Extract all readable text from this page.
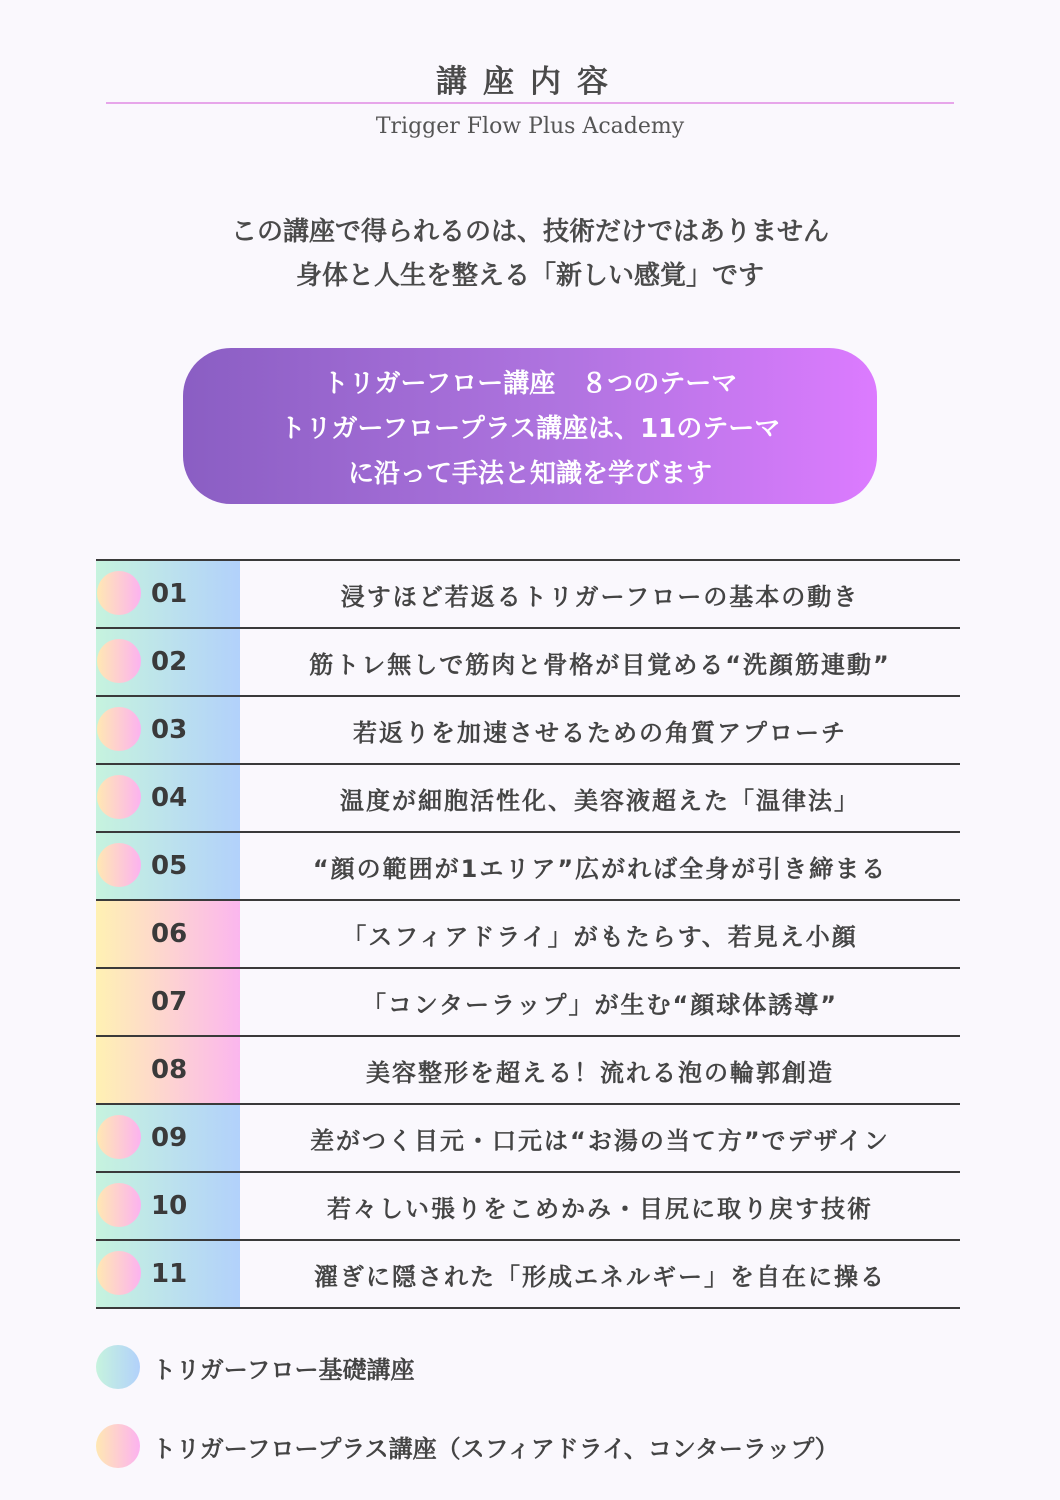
講座内容
Trigger Flow Plus Academy
この講座で得られるのは、技術だけではありません
身体と人生を整える「新しい感覚」です
トリガーフロー講座　８つのテーマ
トリガーフロープラス講座は、11のテーマ
に沿って手法と知識を学びます
01	浸すほど若返るトリガーフローの基本の動き
02	筋トレ無しで筋肉と骨格が目覚める“洗顔筋連動”
03	若返りを加速させるための角質アプローチ
04	温度が細胞活性化、美容液超えた「温律法」
05	“顔の範囲が1エリア”広がれば全身が引き締まる
06	「スフィアドライ」がもたらす、若見え小顔
07	「コンターラップ」が生む“顔球体誘導”
08	美容整形を超える！流れる泡の輪郭創造
09	差がつく目元・口元は“お湯の当て方”でデザイン
10	若々しい張りをこめかみ・目尻に取り戻す技術
11	濯ぎに隠された「形成エネルギー」を自在に操る
トリガーフロー基礎講座
トリガーフロープラス講座（スフィアドライ、コンターラップ）
